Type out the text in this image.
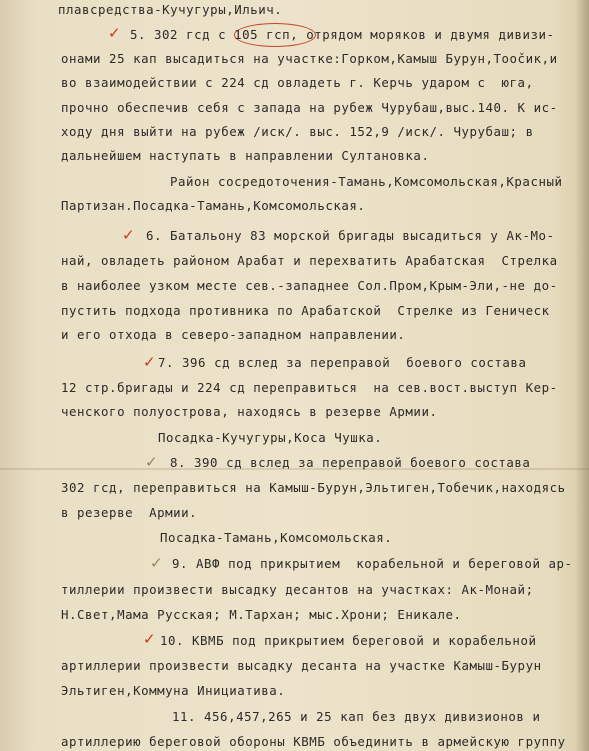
плавсредства-Кучугуры,Ильич.
✓ 5. 302 гсд с 105 гсп, отрядом моряков и двумя дивизи-
онами 25 кап высадиться на участке:Горком,Камыш Бурун,Тоočик,и
во взаимодействии с 224 сд овладеть г. Керчь ударом с  юга,
прочно обеспечив себя с запада на рубеж Чурубаш,выс.140. К ис-
ходу дня выйти на рубеж /иск/. выс. 152,9 /иск/. Чурубаш; в
дальнейшем наступать в направлении Султановка.
Район сосредоточения-Тамань,Комсомольская,Красный
Партизан.Посадка-Тамань,Комсомольская.
✓ 6. Батальону 83 морской бригады высадиться у Ак-Мо-
най, овладеть районом Арабат и перехватить Арабатская  Стрелка
в наиболее узком месте сев.-западнее Сол.Пром,Крым-Эли,-не до-
пустить подхода противника по Арабатской  Стрелке из Геническ
и его отхода в северо-западном направлении.
✓ 7. 396 сд вслед за переправой  боевого состава
12 стр.бригады и 224 сд переправиться  на сев.вост.выступ Кер-
ченского полуострова, находясь в резерве Армии.
Посадка-Кучугуры,Коса Чушка.
✓ 8. 390 сд вслед за переправой боевого состава
302 гсд, переправиться на Камыш-Бурун,Эльтиген,Тобечик,находясь
в резерве  Армии.
Посадка-Тамань,Комсомольская.
✓ 9. АВФ под прикрытием  корабельной и береговой ар-
тиллерии произвести высадку десантов на участках: Ак-Монай;
Н.Свет,Мама Русская; М.Тархан; мыс.Хрони; Еникале.
✓ 10. КВМБ под прикрытием береговой и корабельной
артиллерии произвести высадку десанта на участке Камыш-Бурун
Эльтиген,Коммуна Инициатива.
11. 456,457,265 и 25 кап без двух дивизионов и
артиллерию береговой обороны КВМБ объединить в армейскую группу
